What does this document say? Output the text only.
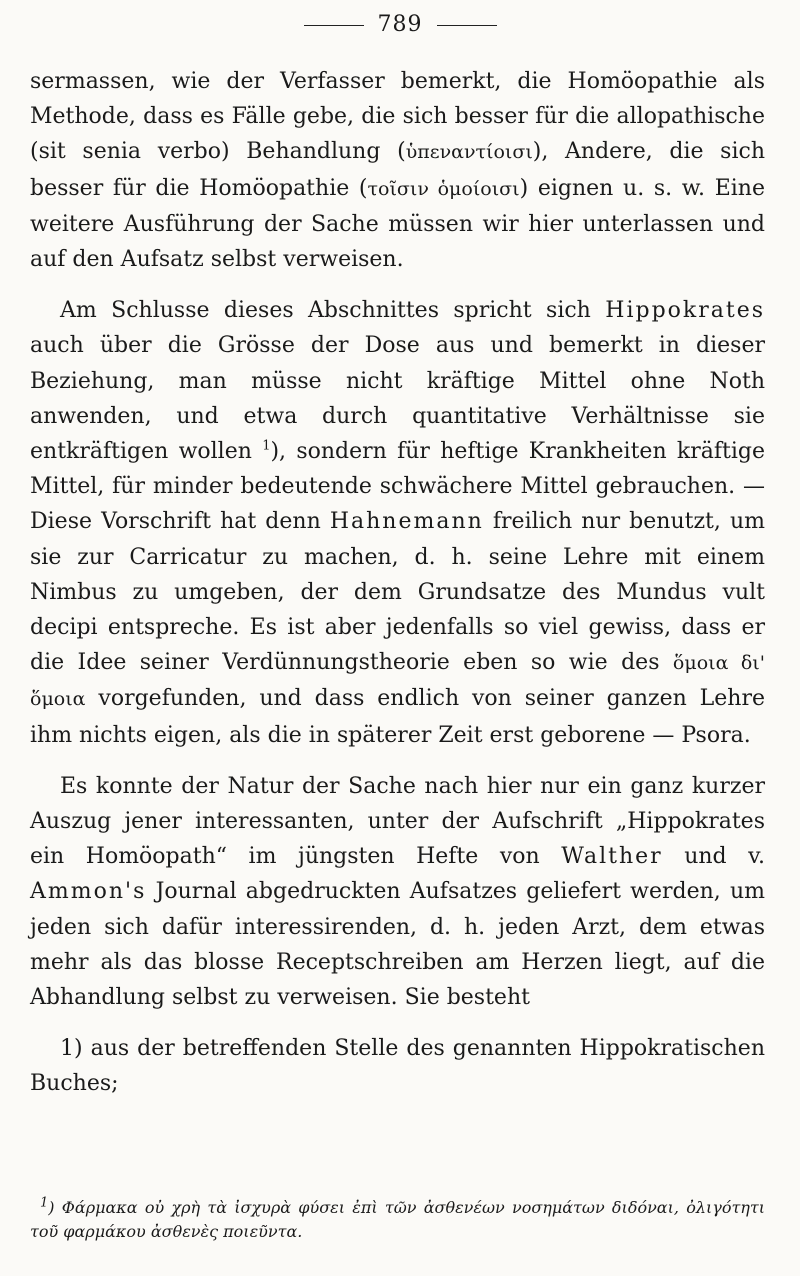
789

sermassen, wie der Verfasser bemerkt, die Homöopathie als Methode, dass es Fälle gebe, die sich besser für die allopathische (sit senia verbo) Behandlung (ὑπεναντίοισι), Andere, die sich besser für die Homöopathie (τοῖσιν ὁμοίοισι) eignen u. s. w. Eine weitere Ausführung der Sache müssen wir hier unterlassen und auf den Aufsatz selbst verweisen.

Am Schlusse dieses Abschnittes spricht sich Hippokrates auch über die Grösse der Dose aus und bemerkt in dieser Beziehung, man müsse nicht kräftige Mittel ohne Noth anwenden, und etwa durch quantitative Verhältnisse sie entkräftigen wollen $^1$), sondern für heftige Krankheiten kräftige Mittel, für minder bedeutende schwächere Mittel gebrauchen. — Diese Vorschrift hat denn Hahnemann freilich nur benutzt, um sie zur Carricatur zu machen, d. h. seine Lehre mit einem Nimbus zu umgeben, der dem Grundsatze des Mundus vult decipi entspreche. Es ist aber jedenfalls so viel gewiss, dass er die Idee seiner Verdünnungstheorie eben so wie des ὅμοια δι' ὅμοια vorgefunden, und dass endlich von seiner ganzen Lehre ihm nichts eigen, als die in späterer Zeit erst geborene — Psora.

Es konnte der Natur der Sache nach hier nur ein ganz kurzer Auszug jener interessanten, unter der Aufschrift „Hippokrates ein Homöopath“ im jüngsten Hefte von Walther und v. Ammon's Journal abgedruckten Aufsatzes geliefert werden, um jeden sich dafür interessirenden, d. h. jeden Arzt, dem etwas mehr als das blosse Receptschreiben am Herzen liegt, auf die Abhandlung selbst zu verweisen. Sie besteht

1) aus der betreffenden Stelle des genannten Hippokratischen Buches;

$^1$) Φάρμακα οὐ χρὴ τὰ ἰσχυρὰ φύσει ἐπὶ τῶν ἀσθενέων νοσημάτων διδόναι, ὀλιγότητι τοῦ φαρμάκου ἀσθενὲς ποιεῦντα.
